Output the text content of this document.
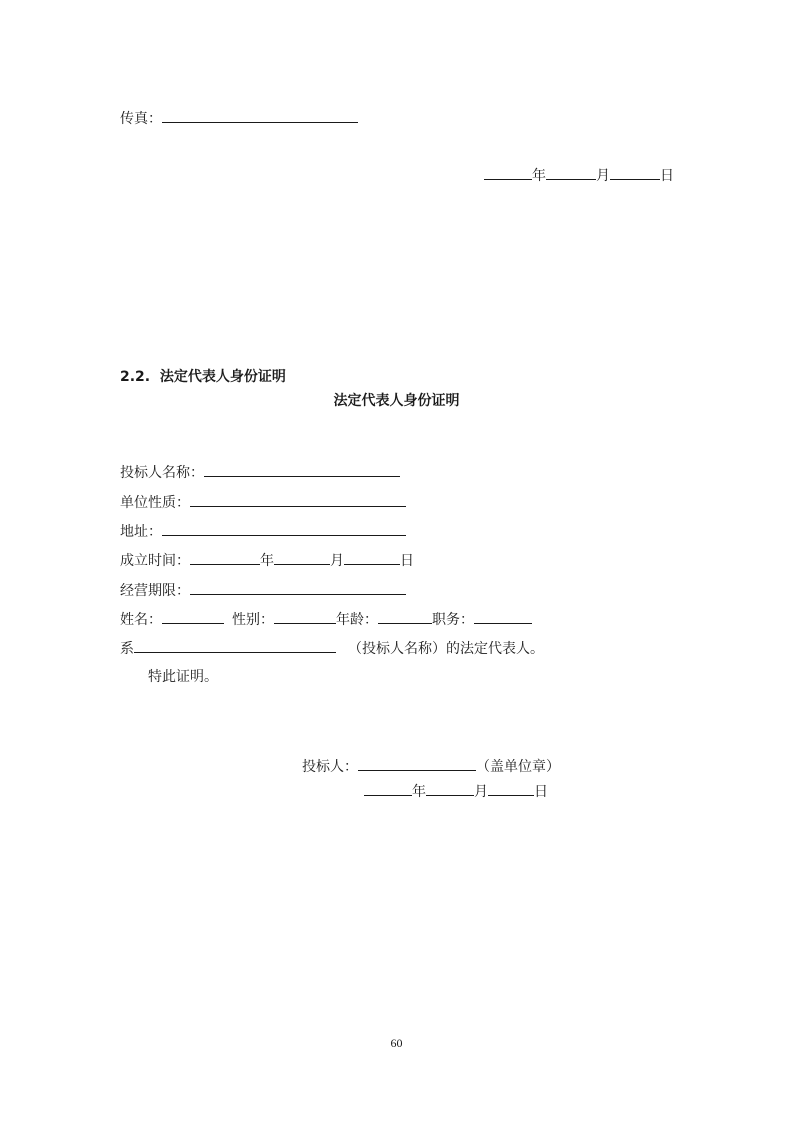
传真：
年	月	日
2.2. 法定代表人身份证明
法定代表人身份证明
投标人名称：
单位性质：
地址：
成立时间：	年	月	日
经营期限：
姓名：	性别：	年龄：	职务：
系	（投标人名称）的法定代表人。
特此证明。
投标人：	（盖单位章）
年	月	日
60
